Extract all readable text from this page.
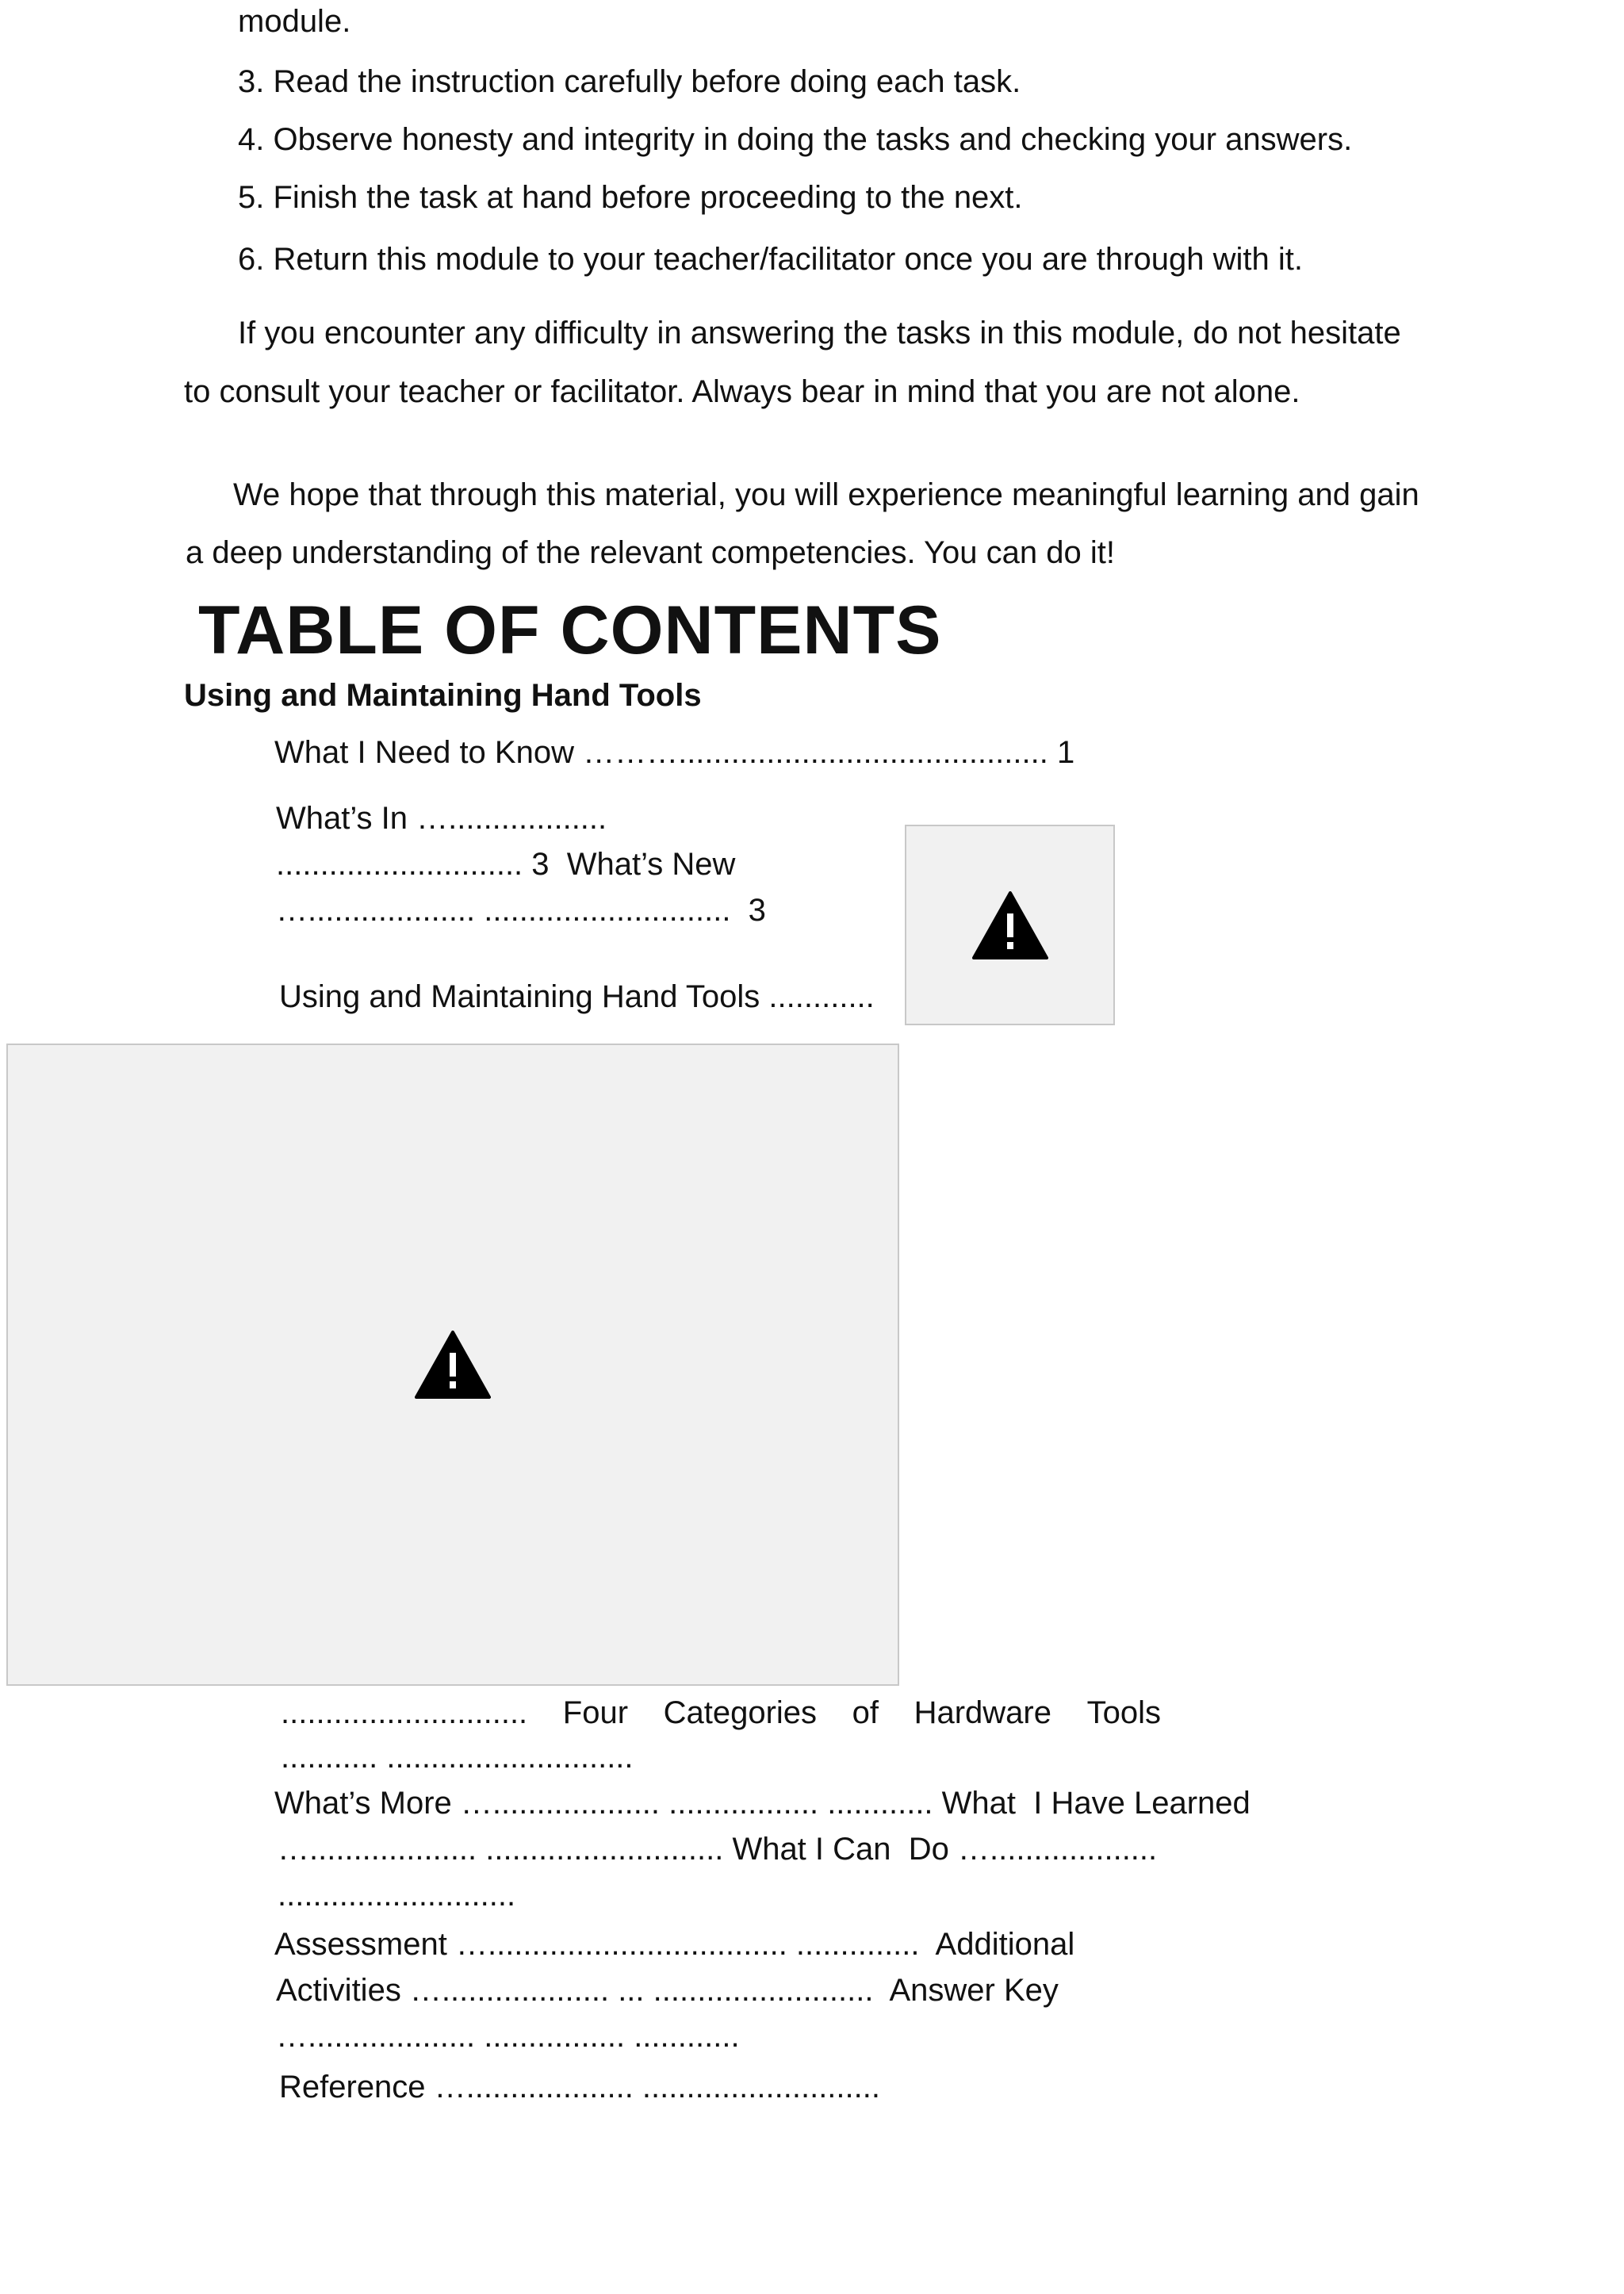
module.
3. Read the instruction carefully before doing each task.
4. Observe honesty and integrity in doing the tasks and checking your answers.
5. Finish the task at hand before proceeding to the next.
6. Return this module to your teacher/facilitator once you are through with it.
If you encounter any difficulty in answering the tasks in this module, do not hesitate
to consult your teacher or facilitator. Always bear in mind that you are not alone.
We hope that through this material, you will experience meaningful learning and gain
a deep understanding of the relevant competencies. You can do it!
TABLE OF CONTENTS
Using and Maintaining Hand Tools
What I Need to Know ……….......................................... 1
What’s In …..................
............................ 3  What’s New
…................... ............................  3
Using and Maintaining Hand Tools ............
............................ Four Categories of Hardware Tools
........... ............................
What’s More …................... ................. ............ What  I Have Learned
…................... ........................... What I Can  Do …...................
...........................
Assessment ….................................. ..............  Additional
Activities …................... ... .........................  Answer Key
…................... ................ ............
Reference …................... ...........................
